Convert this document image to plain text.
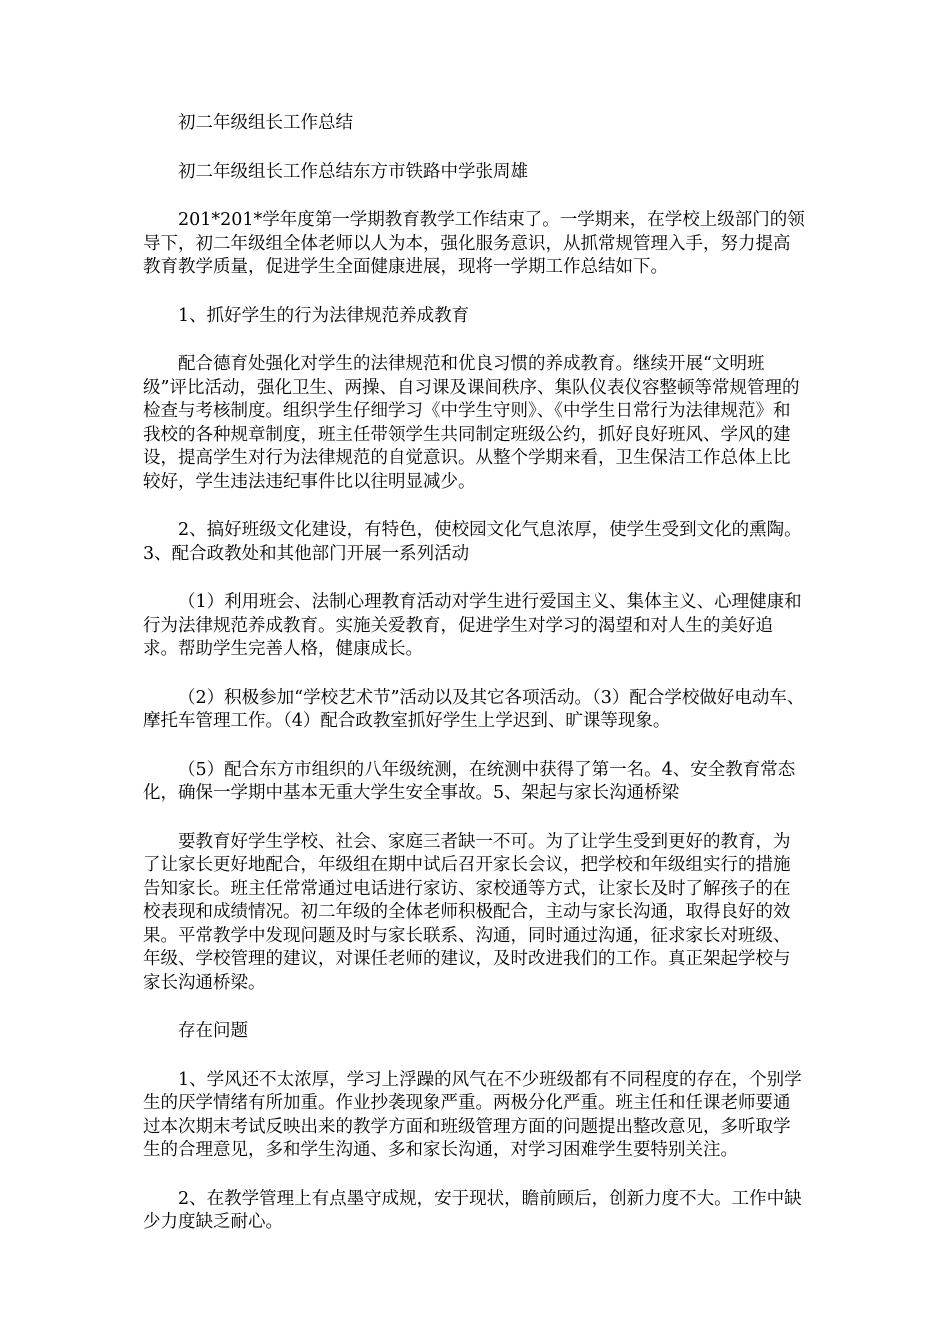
初二年级组长工作总结

初二年级组长工作总结东方市铁路中学张周雄

201*201*学年度第一学期教育教学工作结束了。一学期来，在学校上级部门的领导下，初二年级组全体老师以人为本，强化服务意识，从抓常规管理入手，努力提高教育教学质量，促进学生全面健康进展，现将一学期工作总结如下。

1、抓好学生的行为法律规范养成教育

配合德育处强化对学生的法律规范和优良习惯的养成教育。继续开展“文明班级”评比活动，强化卫生、两操、自习课及课间秩序、集队仪表仪容整顿等常规管理的检查与考核制度。组织学生仔细学习《中学生守则》、《中学生日常行为法律规范》和我校的各种规章制度，班主任带领学生共同制定班级公约，抓好良好班风、学风的建设，提高学生对行为法律规范的自觉意识。从整个学期来看，卫生保洁工作总体上比较好，学生违法违纪事件比以往明显减少。

2、搞好班级文化建设，有特色，使校园文化气息浓厚，使学生受到文化的熏陶。3、配合政教处和其他部门开展一系列活动

（1）利用班会、法制心理教育活动对学生进行爱国主义、集体主义、心理健康和行为法律规范养成教育。实施关爱教育，促进学生对学习的渴望和对人生的美好追求。帮助学生完善人格，健康成长。

（2）积极参加“学校艺术节”活动以及其它各项活动。（3）配合学校做好电动车、摩托车管理工作。（4）配合政教室抓好学生上学迟到、旷课等现象。

（5）配合东方市组织的八年级统测，在统测中获得了第一名。4、安全教育常态化，确保一学期中基本无重大学生安全事故。5、架起与家长沟通桥梁

要教育好学生学校、社会、家庭三者缺一不可。为了让学生受到更好的教育，为了让家长更好地配合，年级组在期中试后召开家长会议，把学校和年级组实行的措施告知家长。班主任常常通过电话进行家访、家校通等方式，让家长及时了解孩子的在校表现和成绩情况。初二年级的全体老师积极配合，主动与家长沟通，取得良好的效果。平常教学中发现问题及时与家长联系、沟通，同时通过沟通，征求家长对班级、年级、学校管理的建议，对课任老师的建议，及时改进我们的工作。真正架起学校与家长沟通桥梁。

存在问题

1、学风还不太浓厚，学习上浮躁的风气在不少班级都有不同程度的存在，个别学生的厌学情绪有所加重。作业抄袭现象严重。两极分化严重。班主任和任课老师要通过本次期末考试反映出来的教学方面和班级管理方面的问题提出整改意见，多听取学生的合理意见，多和学生沟通、多和家长沟通，对学习困难学生要特别关注。

2、在教学管理上有点墨守成规，安于现状，瞻前顾后，创新力度不大。工作中缺少力度缺乏耐心。
